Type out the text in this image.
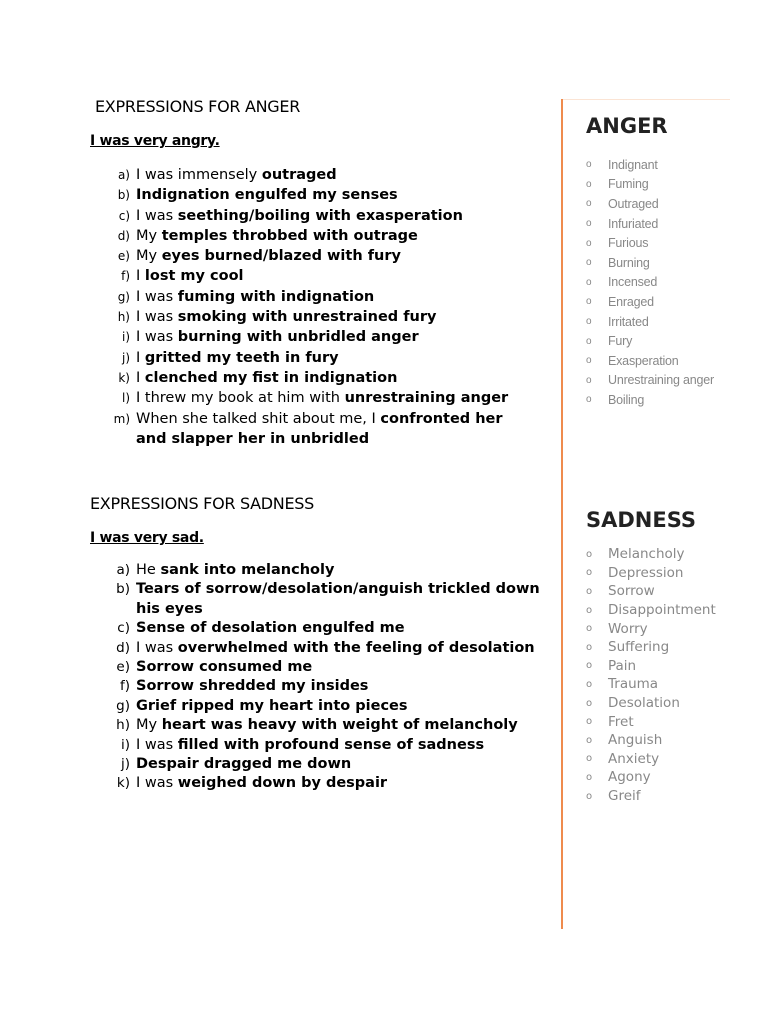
EXPRESSIONS FOR ANGER

I was very angry.

a) I was immensely outraged
b) Indignation engulfed my senses
c) I was seething/boiling with exasperation
d) My temples throbbed with outrage
e) My eyes burned/blazed with fury
f) I lost my cool
g) I was fuming with indignation
h) I was smoking with unrestrained fury
i) I was burning with unbridled anger
j) I gritted my teeth in fury
k) I clenched my fist in indignation
l) I threw my book at him with unrestraining anger
m) When she talked shit about me, I confronted her and slapper her in unbridled
EXPRESSIONS FOR SADNESS

I was very sad.

a) He sank into melancholy
b) Tears of sorrow/desolation/anguish trickled down his eyes
c) Sense of desolation engulfed me
d) I was overwhelmed with the feeling of desolation
e) Sorrow consumed me
f) Sorrow shredded my insides
g) Grief ripped my heart into pieces
h) My heart was heavy with weight of melancholy
i) I was filled with profound sense of sadness
j) Despair dragged me down
k) I was weighed down by despair
ANGER
o	Indignant
o	Fuming
o	Outraged
o	Infuriated
o	Furious
o	Burning
o	Incensed
o	Enraged
o	Irritated
o	Fury
o	Exasperation
o	Unrestraining anger
o	Boiling
SADNESS
o	Melancholy
o	Depression
o	Sorrow
o	Disappointment
o	Worry
o	Suffering
o	Pain
o	Trauma
o	Desolation
o	Fret
o	Anguish
o	Anxiety
o	Agony
o	Greif
